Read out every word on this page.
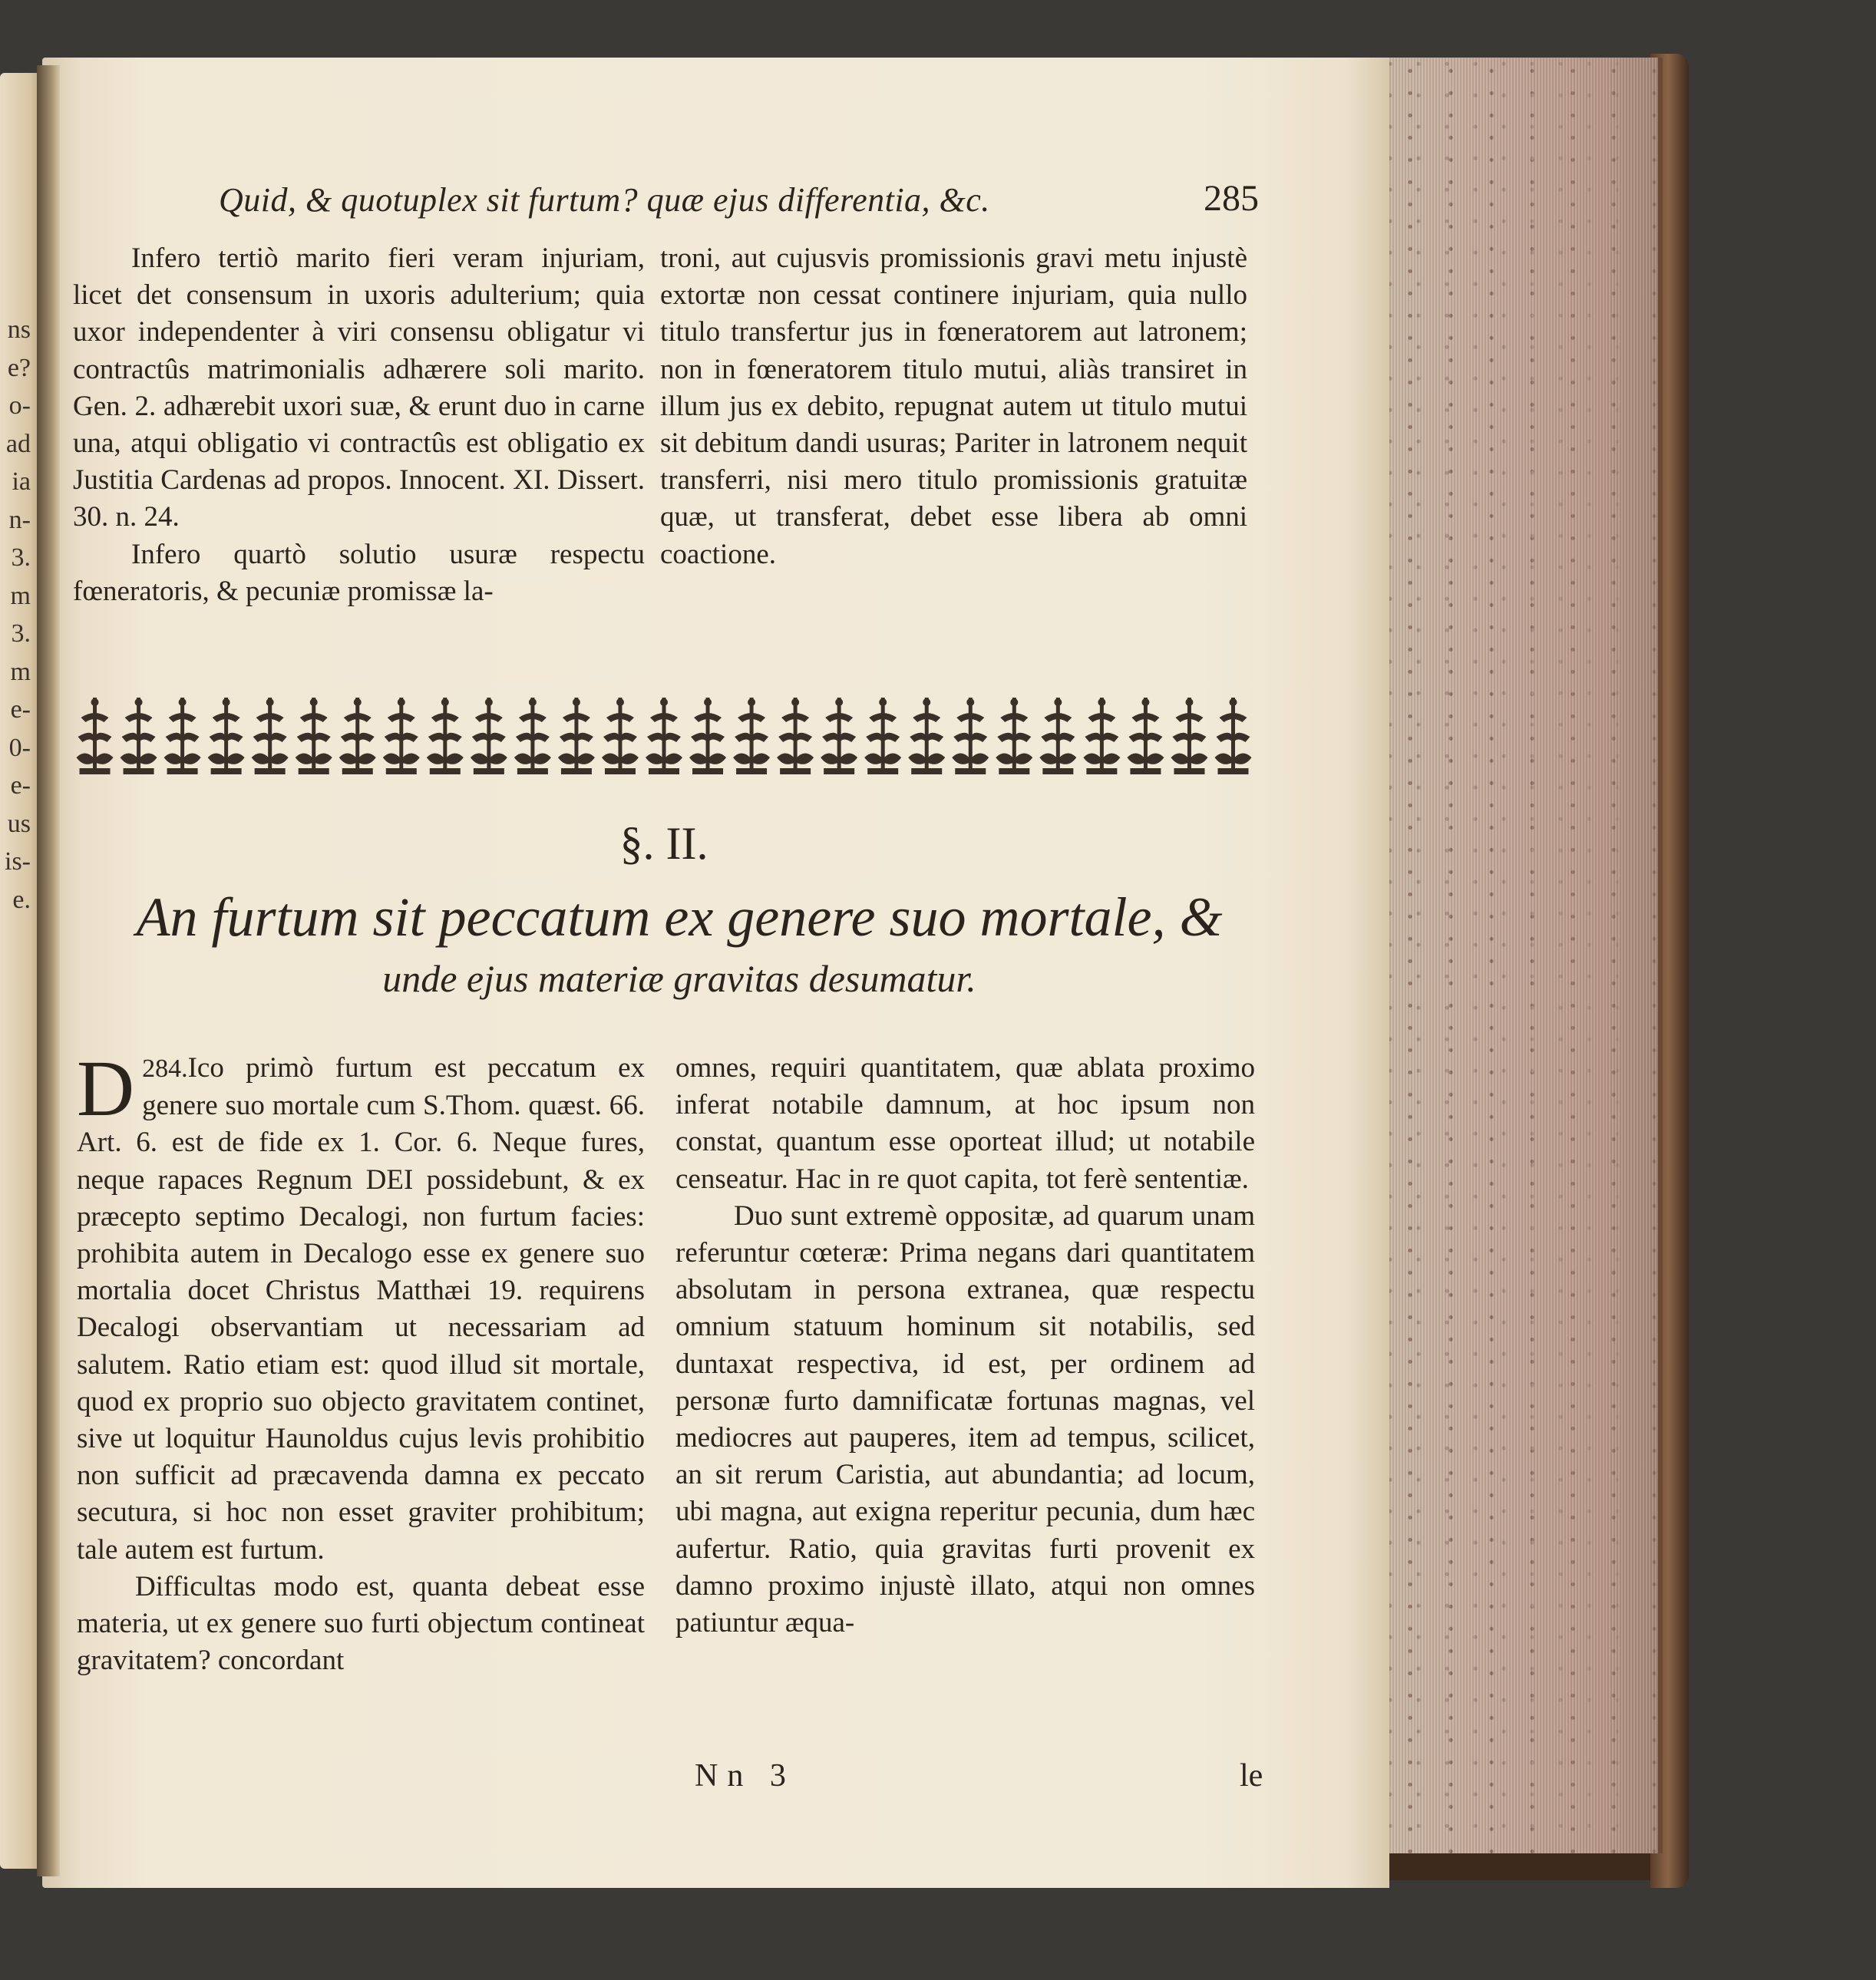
ns
e?
o-
ad
ia
n-
3.
m
3.
m
e-
0-
e-
us
is-
e.
Quid, & quotuplex sit furtum? quæ ejus differentia, &c.	285

Infero tertiò marito fieri veram injuriam, licet det consensum in uxoris adulterium; quia uxor independenter à viri consensu obligatur vi contractûs matrimonialis adhærere soli marito. Gen. 2. adhærebit uxori suæ, & erunt duo in carne una, atqui obligatio vi contractûs est obligatio ex Justitia Cardenas ad propos. Innocent. XI. Dissert. 30. n. 24.

Infero quartò solutio usuræ respectu fœneratoris, & pecuniæ promissæ la-

troni, aut cujusvis promissionis gravi metu injustè extortæ non cessat continere injuriam, quia nullo titulo transfertur jus in fœneratorem aut latronem; non in fœneratorem titulo mutui, aliàs transiret in illum jus ex debito, repugnat autem ut titulo mutui sit debitum dandi usuras; Pariter in latronem nequit transferri, nisi mero titulo promissionis gratuitæ quæ, ut transferat, debet esse libera ab omni coactione.

§. II.
An furtum sit peccatum ex genere suo mortale, &
unde ejus materiæ gravitas desumatur.

284.
D Ico primò furtum est peccatum ex genere suo mortale cum S.Thom. quæst. 66. Art. 6. est de fide ex 1. Cor. 6. Neque fures, neque rapaces Regnum DEI possidebunt, & ex præcepto septimo Decalogi, non furtum facies: prohibita autem in Decalogo esse ex genere suo mortalia docet Christus Matthæi 19. requirens Decalogi observantiam ut necessariam ad salutem. Ratio etiam est: quod illud sit mortale, quod ex proprio suo objecto gravitatem continet, sive ut loquitur Haunoldus cujus levis prohibitio non sufficit ad præcavenda damna ex peccato secutura, si hoc non esset graviter prohibitum; tale autem est furtum.

Difficultas modo est, quanta debeat esse materia, ut ex genere suo furti objectum contineat gravitatem? concordant

omnes, requiri quantitatem, quæ ablata proximo inferat notabile damnum, at hoc ipsum non constat, quantum esse oporteat illud; ut notabile censeatur. Hac in re quot capita, tot ferè sententiæ.

Duo sunt extremè oppositæ, ad quarum unam referuntur cœteræ: Prima negans dari quantitatem absolutam in persona extranea, quæ respectu omnium statuum hominum sit notabilis, sed duntaxat respectiva, id est, per ordinem ad personæ furto damnificatæ fortunas magnas, vel mediocres aut pauperes, item ad tempus, scilicet, an sit rerum Caristia, aut abundantia; ad locum, ubi magna, aut exigna reperitur pecunia, dum hæc aufertur. Ratio, quia gravitas furti provenit ex damno proximo injustè illato, atqui non omnes patiuntur æqua-

Nn 3	le
